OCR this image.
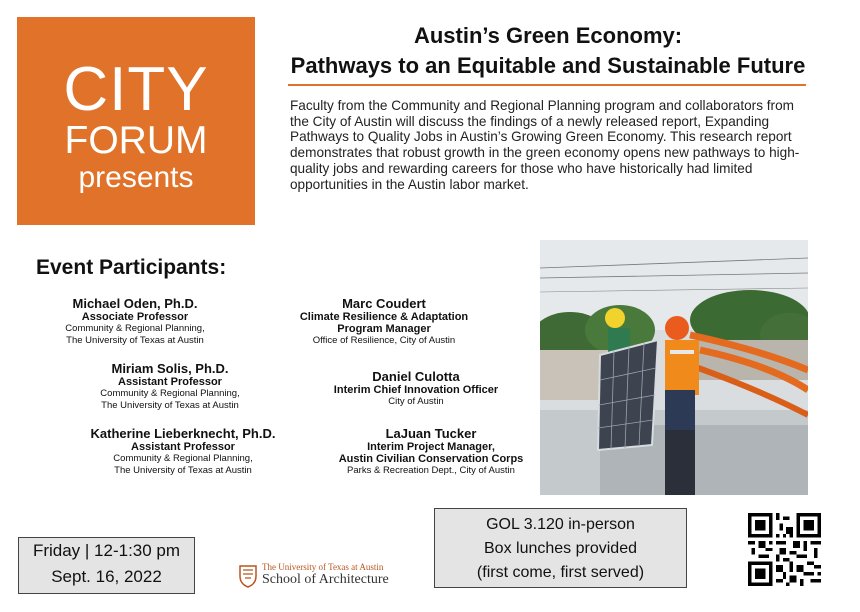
CITY
FORUM
presents
Austin’s Green Economy:
Pathways to an Equitable and Sustainable Future
Faculty from the Community and Regional Planning program and collaborators from the City of Austin will discuss the findings of a newly released report, Expanding Pathways to Quality Jobs in Austin’s Growing Green Economy. This research report demonstrates that robust growth in the green economy opens new pathways to high-quality jobs and rewarding careers for those who have historically had limited opportunities in the Austin labor market.
Event Participants:
Michael Oden, Ph.D.
Associate Professor
Community & Regional Planning,
The University of Texas at Austin
Miriam Solis, Ph.D.
Assistant Professor
Community & Regional Planning,
The University of Texas at Austin
Katherine Lieberknecht, Ph.D.
Assistant Professor
Community & Regional Planning,
The University of Texas at Austin
Marc Coudert
Climate Resilience & Adaptation
Program Manager
Office of Resilience, City of Austin
Daniel Culotta
Interim Chief Innovation Officer
City of Austin
LaJuan Tucker
Interim Project Manager,
Austin Civilian Conservation Corps
Parks & Recreation Dept., City of Austin
Friday | 12-1:30 pm
Sept. 16, 2022	The University of Texas at Austin
School of Architecture
GOL 3.120 in-person
Box lunches provided
(first come, first served)
